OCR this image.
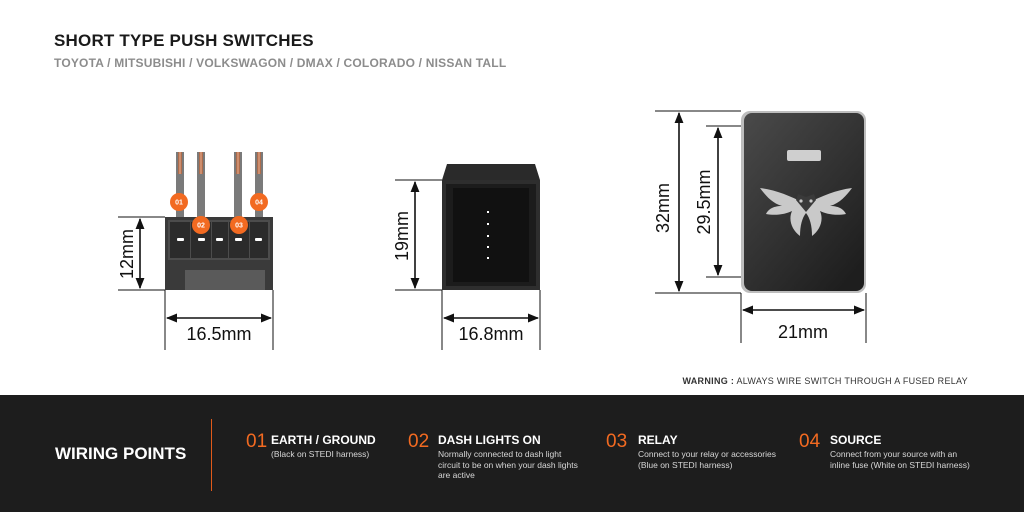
SHORT TYPE PUSH SWITCHES
TOYOTA / MITSUBISHI / VOLKSWAGON / DMAX / COLORADO / NISSAN TALL
01
02	03
04
12mm
16.5mm
19mm
16.8mm
32mm 29.5mm
21mm
WARNING : ALWAYS WIRE SWITCH THROUGH A FUSED RELAY
WIRING POINTS
01 EARTH / GROUND
(Black on STEDI harness)
02 DASH LIGHTS ON
Normally connected to dash light circuit to be on when your dash lights are active
03 RELAY
Connect to your relay or accessories (Blue on STEDI harness)
04 SOURCE
Connect from your source with an inline fuse (White on STEDI harness)
